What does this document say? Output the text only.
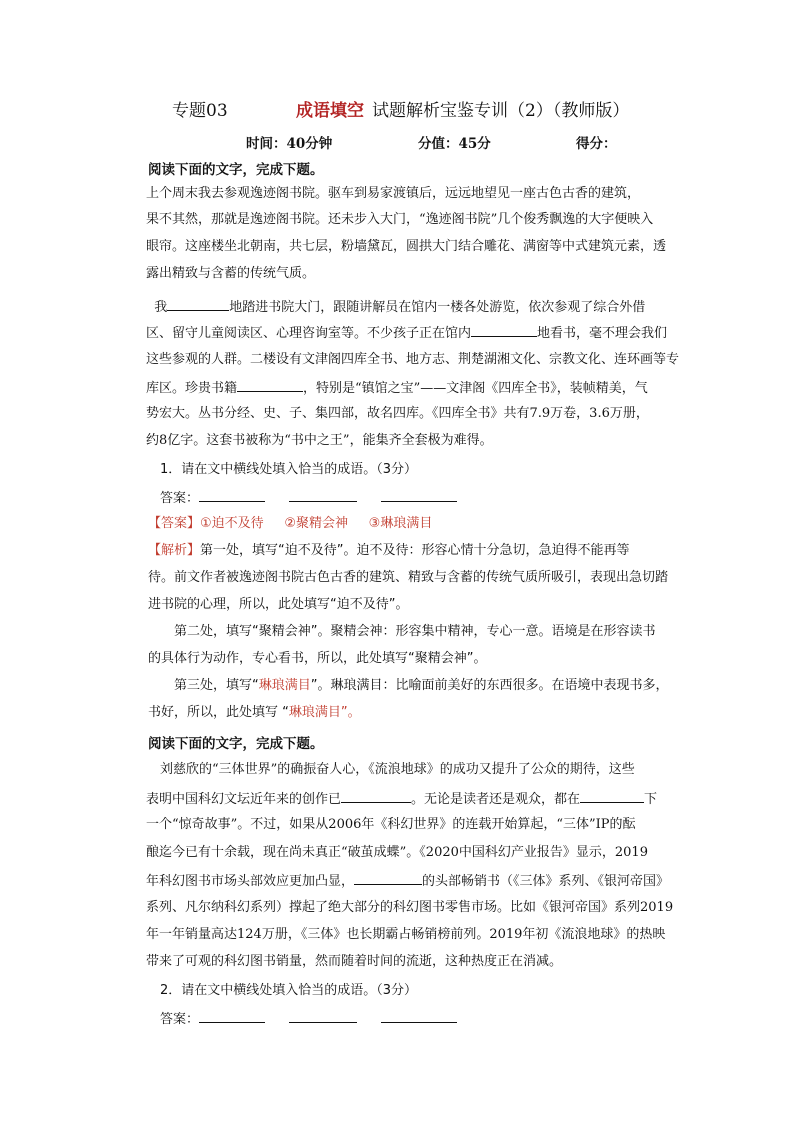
专题03	成语填空 试题解析宝鉴专训（2）（教师版）
时间：40分钟	分值：45分	得分：
阅读下面的文字，完成下题。
上个周末我去参观逸迹阁书院。驱车到易家渡镇后，远远地望见一座古色古香的建筑，
果不其然，那就是逸迹阁书院。还未步入大门，“逸迹阁书院”几个俊秀飘逸的大字便映入
眼帘。这座楼坐北朝南，共七层，粉墙黛瓦，圆拱大门结合雕花、满窗等中式建筑元素，透
露出精致与含蓄的传统气质。
我	地踏进书院大门，跟随讲解员在馆内一楼各处游览，依次参观了综合外借
区、留守儿童阅读区、心理咨询室等。不少孩子正在馆内	地看书，毫不理会我们
这些参观的人群。二楼设有文津阁四库全书、地方志、荆楚湖湘文化、宗教文化、连环画等专
库区。珍贵书籍	，特别是“镇馆之宝”——文津阁《四库全书》，装帧精美，气
势宏大。丛书分经、史、子、集四部，故名四库。《四库全书》共有7.9万卷，3.6万册，
约8亿字。这套书被称为“书中之王”，能集齐全套极为难得。
1．请在文中横线处填入恰当的成语。（3分）
答案：
【答案】①迫不及待 ②聚精会神 ③琳琅满目
【解析】第一处，填写“迫不及待”。迫不及待：形容心情十分急切，急迫得不能再等
待。前文作者被逸迹阁书院古色古香的建筑、精致与含蓄的传统气质所吸引，表现出急切踏
进书院的心理，所以，此处填写“迫不及待”。
第二处，填写“聚精会神”。聚精会神：形容集中精神，专心一意。语境是在形容读书
的具体行为动作，专心看书，所以，此处填写“聚精会神”。
第三处，填写“琳琅满目”。琳琅满目：比喻面前美好的东西很多。在语境中表现书多，
书好，所以，此处填写 “琳琅满目”。
阅读下面的文字，完成下题。
刘慈欣的“三体世界”的确振奋人心，《流浪地球》的成功又提升了公众的期待，这些
表明中国科幻文坛近年来的创作已	。无论是读者还是观众，都在	下
一个“惊奇故事”。不过，如果从2006年《科幻世界》的连载开始算起，“三体”IP的酝
酿迄今已有十余载，现在尚未真正“破茧成蝶”。《2020中国科幻产业报告》显示，2019
年科幻图书市场头部效应更加凸显，	的头部畅销书（《三体》系列、《银河帝国》
系列、凡尔纳科幻系列）撑起了绝大部分的科幻图书零售市场。比如《银河帝国》系列2019
年一年销量高达124万册，《三体》也长期霸占畅销榜前列。2019年初《流浪地球》的热映
带来了可观的科幻图书销量，然而随着时间的流逝，这种热度正在消减。
2．请在文中横线处填入恰当的成语。（3分）
答案：
